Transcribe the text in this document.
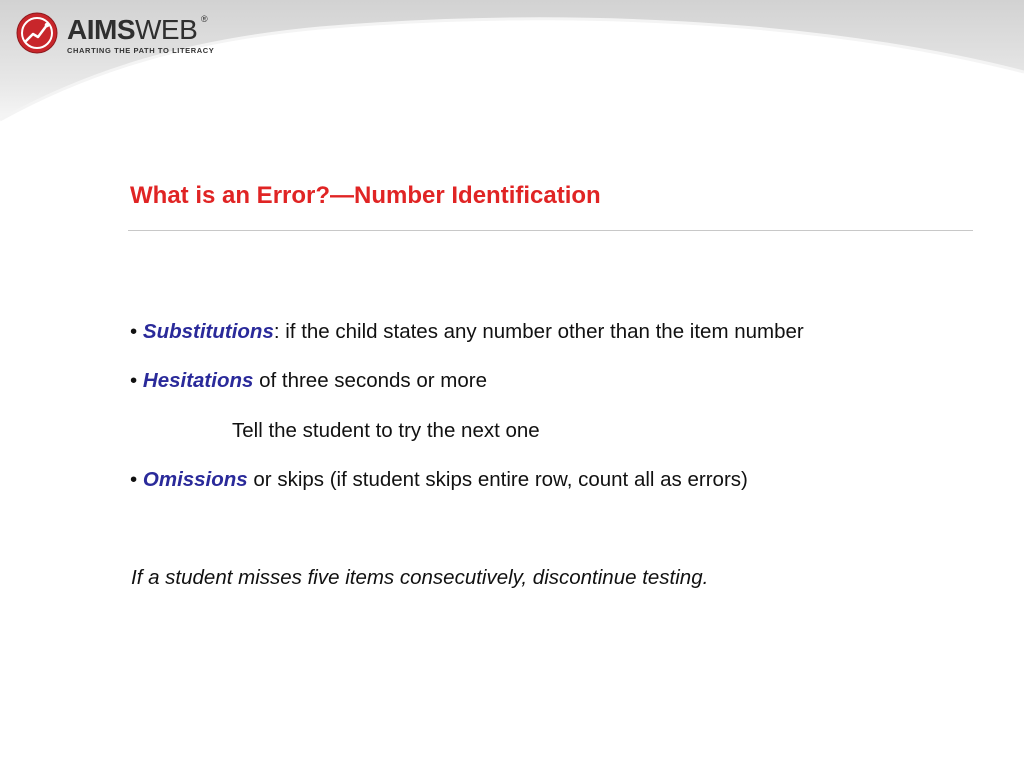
AIMSWEB ®
CHARTING THE PATH TO LITERACY
What is an Error?—Number Identification
• Substitutions: if the child states any number other than the item number
• Hesitations of three seconds or more
Tell the student to try the next one
• Omissions or skips (if student skips entire row, count all as errors)
If a student misses five items consecutively, discontinue testing.
